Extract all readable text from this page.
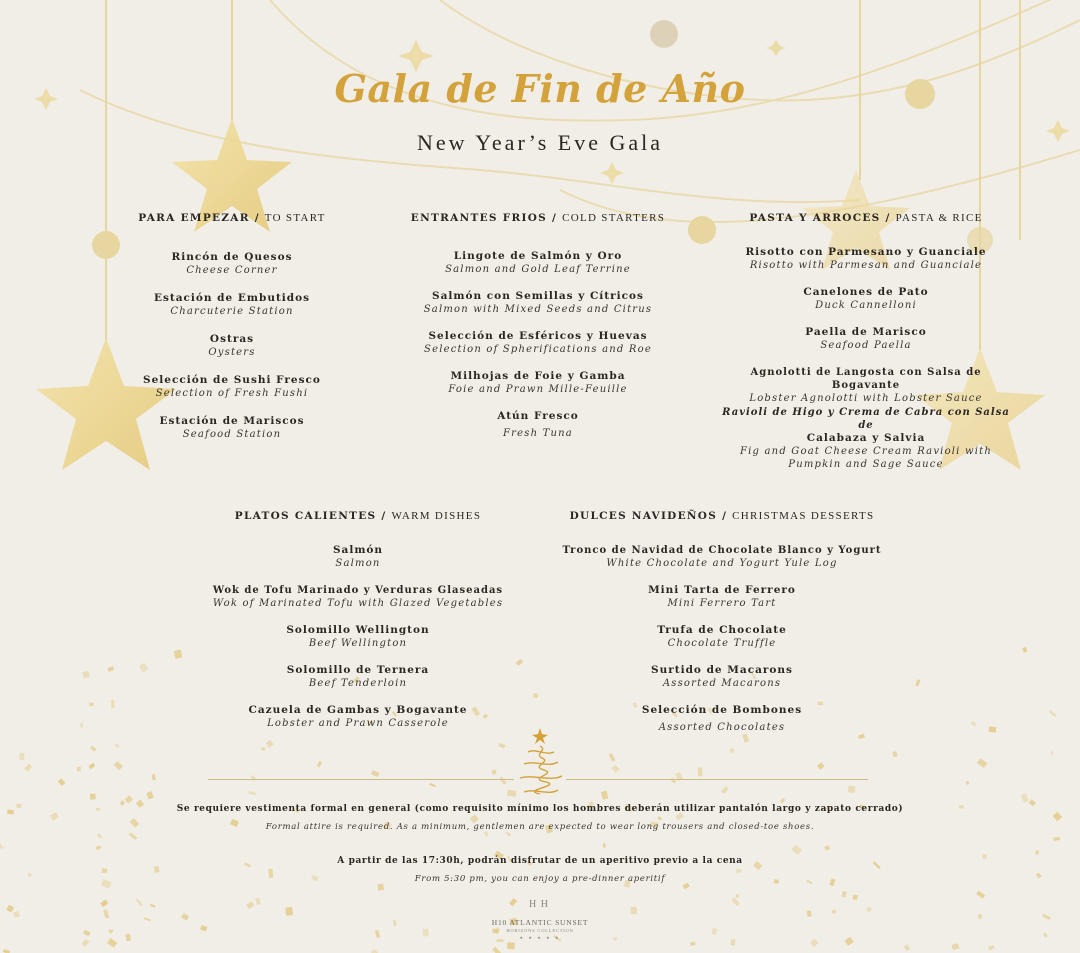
Gala de Fin de Año
New Year’s Eve Gala
PARA EMPEZAR / TO START
Rincón de Quesos
Cheese Corner
Estación de Embutidos
Charcuterie Station
Ostras
Oysters
Selección de Sushi Fresco
Selection of Fresh Fushi
Estación de Mariscos
Seafood Station
ENTRANTES FRIOS / COLD STARTERS
Lingote de Salmón y Oro
Salmon and Gold Leaf Terrine
Salmón con Semillas y Cítricos
Salmon with Mixed Seeds and Citrus
Selección de Esféricos y Huevas
Selection of Spherifications and Roe
Milhojas de Foie y Gamba
Foie and Prawn Mille-Feuille
Atún Fresco
Fresh Tuna
PASTA Y ARROCES / PASTA & RICE
Risotto con Parmesano y Guanciale
Risotto with Parmesan and Guanciale
Canelones de Pato
Duck Cannelloni
Paella de Marisco
Seafood Paella
Agnolotti de Langosta con Salsa de Bogavante
Lobster Agnolotti with Lobster Sauce
Ravioli de Higo y Crema de Cabra con Salsa de
Calabaza y Salvia
Fig and Goat Cheese Cream Ravioli with
Pumpkin and Sage Sauce
PLATOS CALIENTES / WARM DISHES
Salmón
Salmon
Wok de Tofu Marinado y Verduras Glaseadas
Wok of Marinated Tofu with Glazed Vegetables
Solomillo Wellington
Beef Wellington
Solomillo de Ternera
Beef Tenderloin
Cazuela de Gambas y Bogavante
Lobster and Prawn Casserole
DULCES NAVIDEÑOS / CHRISTMAS DESSERTS
Tronco de Navidad de Chocolate Blanco y Yogurt
White Chocolate and Yogurt Yule Log
Mini Tarta de Ferrero
Mini Ferrero Tart
Trufa de Chocolate
Chocolate Truffle
Surtido de Macarons
Assorted Macarons
Selección de Bombones
Assorted Chocolates
Se requiere vestimenta formal en general (como requisito mínimo los hombres deberán utilizar pantalón largo y zapato cerrado)
Formal attire is required. As a minimum, gentlemen are expected to wear long trousers and closed-toe shoes.
A partir de las 17:30h, podrán disfrutar de un aperitivo previo a la cena
From 5:30 pm, you can enjoy a pre-dinner aperitif
H H
H10 ATLANTIC SUNSET
HORIZONS COLLECTION
★ ★ ★ ★ ★
